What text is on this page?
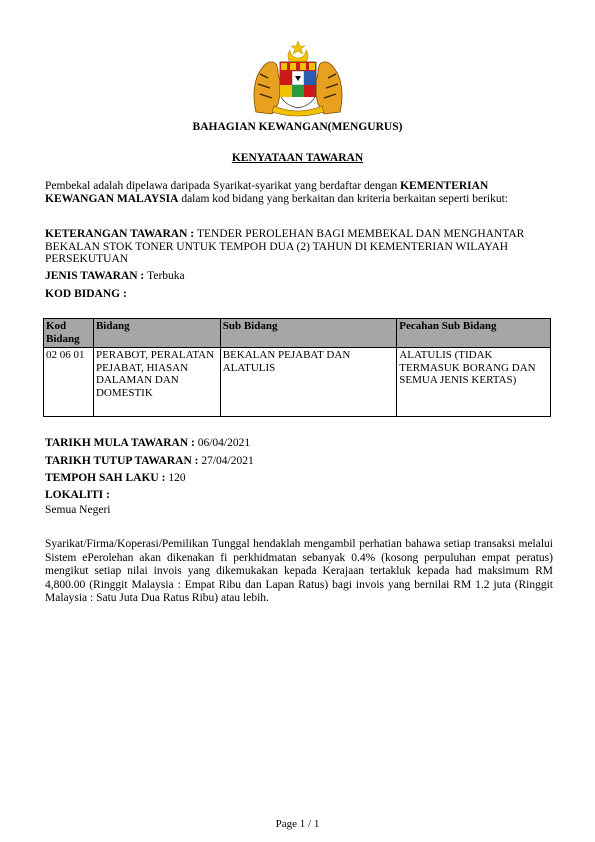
BAHAGIAN KEWANGAN(MENGURUS)
KENYATAAN TAWARAN
Pembekal adalah dipelawa daripada Syarikat-syarikat yang berdaftar dengan KEMENTERIAN KEWANGAN MALAYSIA dalam kod bidang yang berkaitan dan kriteria berkaitan seperti berikut:
KETERANGAN TAWARAN : TENDER PEROLEHAN BAGI MEMBEKAL DAN MENGHANTAR BEKALAN STOK TONER UNTUK TEMPOH DUA (2) TAHUN DI KEMENTERIAN WILAYAH PERSEKUTUAN
JENIS TAWARAN : Terbuka
KOD BIDANG :
Kod Bidang	Bidang	Sub Bidang	Pecahan Sub Bidang
02 06 01	PERABOT, PERALATAN PEJABAT, HIASAN DALAMAN DAN DOMESTIK	BEKALAN PEJABAT DAN ALATULIS	ALATULIS (TIDAK TERMASUK BORANG DAN SEMUA JENIS KERTAS)
TARIKH MULA TAWARAN : 06/04/2021
TARIKH TUTUP TAWARAN : 27/04/2021
TEMPOH SAH LAKU : 120
LOKALITI :
Semua Negeri
Syarikat/Firma/Koperasi/Pemilikan Tunggal hendaklah mengambil perhatian bahawa setiap transaksi melalui Sistem ePerolehan akan dikenakan fi perkhidmatan sebanyak 0.4% (kosong perpuluhan empat peratus) mengikut setiap nilai invois yang dikemukakan kepada Kerajaan tertakluk kepada had maksimum RM 4,800.00 (Ringgit Malaysia : Empat Ribu dan Lapan Ratus) bagi invois yang bernilai RM 1.2 juta (Ringgit Malaysia : Satu Juta Dua Ratus Ribu) atau lebih.
Page 1 / 1
